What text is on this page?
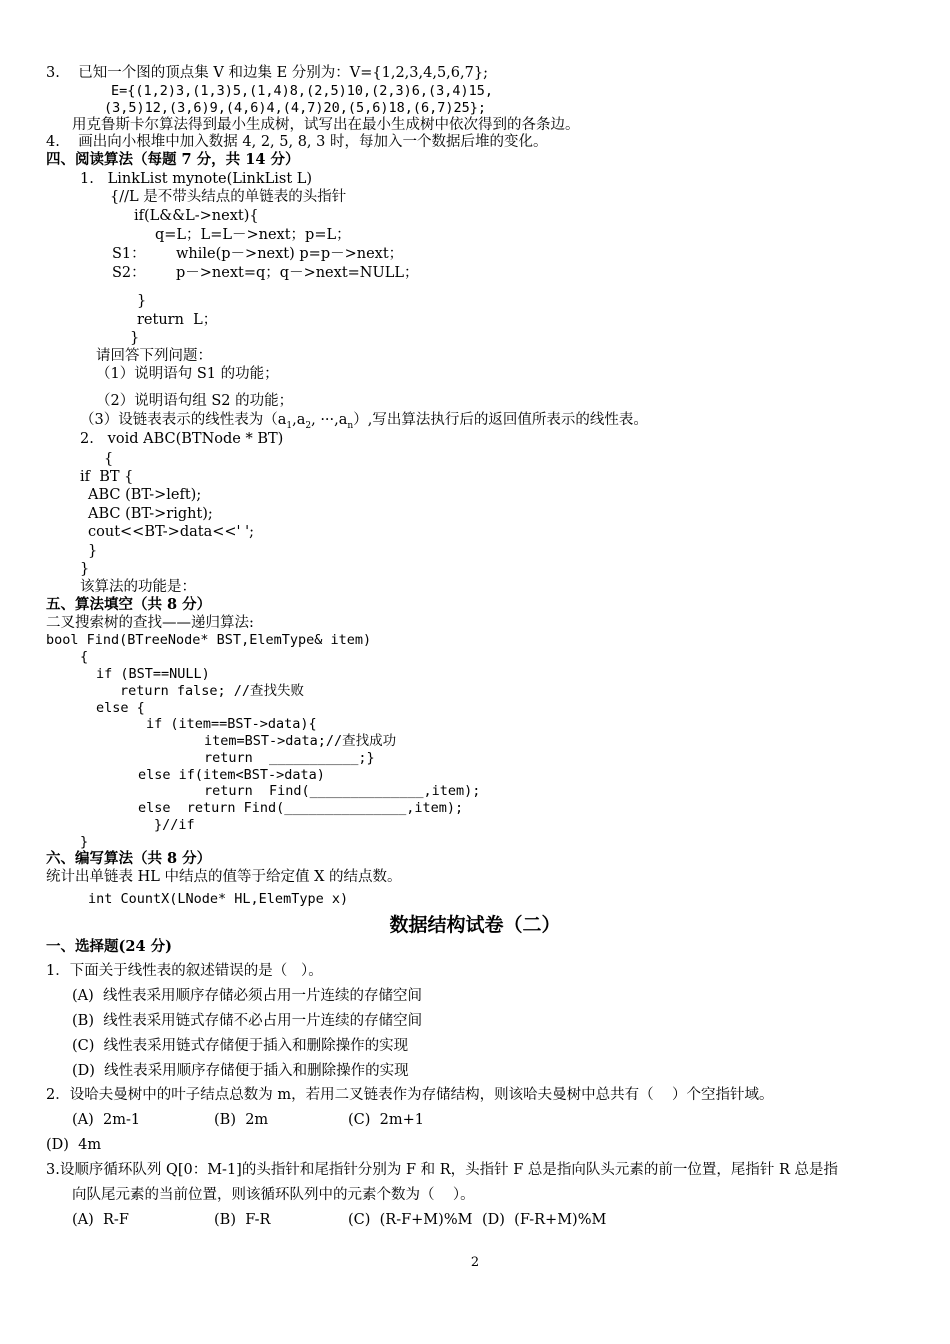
3.    已知一个图的顶点集 V 和边集 E 分别为：V={1,2,3,4,5,6,7};
E={(1,2)3,(1,3)5,(1,4)8,(2,5)10,(2,3)6,(3,4)15,
(3,5)12,(3,6)9,(4,6)4,(4,7)20,(5,6)18,(6,7)25};
用克鲁斯卡尔算法得到最小生成树，试写出在最小生成树中依次得到的各条边。
4.    画出向小根堆中加入数据 4, 2, 5, 8, 3 时，每加入一个数据后堆的变化。
四、阅读算法（每题 7 分，共 14 分）
1.   LinkList mynote(LinkList L)
{//L 是不带头结点的单链表的头指针
if(L&&L->next){
q=L；L=L－>next；p=L；
S1： while(p－>next) p=p－>next；
S2： p－>next=q；q－>next=NULL；
}
return  L；
}
请回答下列问题：
（1）说明语句 S1 的功能；
（2）说明语句组 S2 的功能；
（3）设链表表示的线性表为（$a_1,a_2$, $\cdot\cdot\cdot,a_n$）,写出算法执行后的返回值所表示的线性表。
2.   void ABC(BTNode * BT)
{
if  BT {
ABC (BT->left);
ABC (BT->right);
cout<<BT->data<<' ';
}
}
该算法的功能是：
五、算法填空（共 8 分）
二叉搜索树的查找——递归算法:
bool Find(BTreeNode* BST,ElemType& item)
{
if (BST==NULL)
return false; //查找失败
else {
if (item==BST->data){
item=BST->data;//查找成功
return  ___________;}
else if(item<BST->data)
return  Find(______________,item);
else  return Find(_______________,item);
}//if
}
六、编写算法（共 8 分）
统计出单链表 HL 中结点的值等于给定值 X 的结点数。
int CountX(LNode* HL,ElemType x)
数据结构试卷（二）
一、选择题(24 分)
1．下面关于线性表的叙述错误的是（   ）。
(A)  线性表采用顺序存储必须占用一片连续的存储空间
(B)  线性表采用链式存储不必占用一片连续的存储空间
(C)  线性表采用链式存储便于插入和删除操作的实现
(D)  线性表采用顺序存储便于插入和删除操作的实现
2．设哈夫曼树中的叶子结点总数为 m，若用二叉链表作为存储结构，则该哈夫曼树中总共有（    ）个空指针域。
(A)  2m-1	(B)  2m	(C)  2m+1
(D)  4m
3.设顺序循环队列 Q[0：M-1]的头指针和尾指针分别为 F 和 R，头指针 F 总是指向队头元素的前一位置，尾指针 R 总是指
向队尾元素的当前位置，则该循环队列中的元素个数为（    ）。
(A)  R-F	(B)  F-R	(C)  (R-F+M)%M (D)  (F-R+M)%M
2
